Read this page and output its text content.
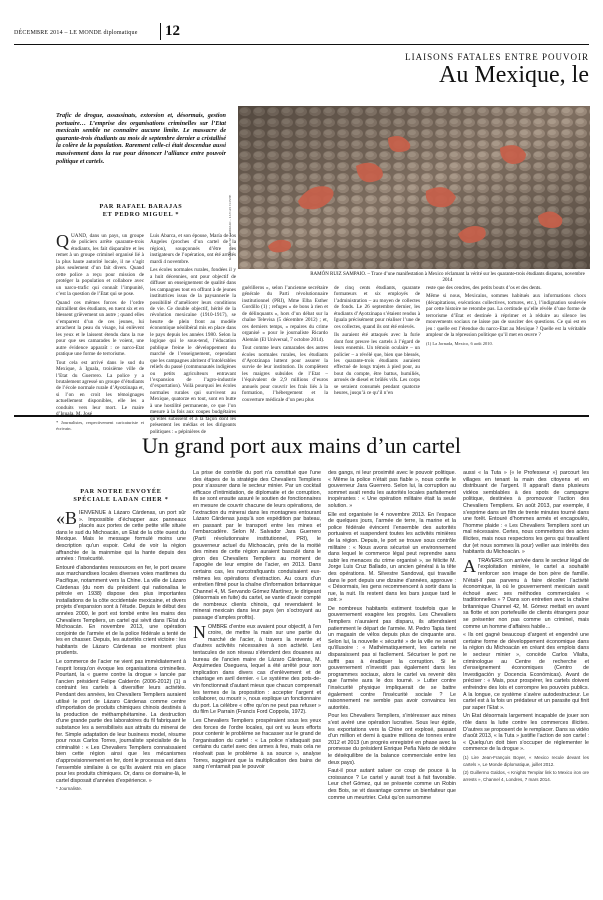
DÉCEMBRE 2014 – LE MONDE diplomatique	12
LIAISONS FATALES ENTRE POUVOIR
Au Mexique, le
Trafic de drogue, assassinats, extorsion et, désormais, gestion portuaire… L’emprise des organisations criminelles sur l’Etat mexicain semble ne connaître aucune limite. Le massacre de quarante-trois étudiants au mois de septembre dernier a cristallisé la colère de la population. Rarement celle-ci était descendue aussi massivement dans la rue pour dénoncer l’alliance entre pouvoir politique et cartels.
PAR RAFAEL BARAJAS
ET PEDRO MIGUEL *	RAMON RUIZ SAMPAIO – LUCAS COSTE
RAMÓN RUIZ SAMPAIO. – Trace d’une manifestation à Mexico réclamant la vérité sur les quarante-trois étudiants disparus, novembre 2014

QUAND, dans un pays, un groupe de policiers arrête quarante-trois étudiants, les fait disparaître et les remet à un groupe criminel organisé lié à la plus haute autorité locale, il ne s’agit plus seulement d’un fait divers. Quand cette police a reçu pour mission de protéger la population et collabore avec un narco-trafic qui connaît l’impunité, c’est la question de l’Etat qui se pose.

Quand ces mêmes forces de l’ordre mitraillent des étudiants, en tuent six et en blessent grièvement un autre ; quand elles s’emparent d’un de ces jeunes, lui arrachent la peau du visage, lui enlèvent les yeux et le laissent étendu dans la rue pour que ses camarades le voient, une autre évidence apparaît : ce narco-Etat pratique une forme de terrorisme.

Tout cela est arrivé dans le sud du Mexique, à Iguala, troisième ville de l’Etat du Guerrero. La police y a brutalement agressé un groupe d’étudiants de l’école normale rurale d’Ayotzinapa et, si l’on en croit les témoignages actuellement disponibles, elle les a conduits vers leur mort. Le maire d’Iguala, M. José

* Journalistes, respectivement caricaturiste et écrivain.

Luis Abarca, et son épouse, María de los Angeles (proches d’un cartel de la région), soupçonnés d’être les instigateurs de l’opération, ont été arrêtés mardi 4 novembre.

Les écoles normales rurales, fondées il y a huit décennies, ont pour objectif de diffuser un enseignement de qualité dans les campagnes tout en offrant à de jeunes institutrices issus de la paysannerie la possibilité d’améliorer leurs conditions de vie. Ce double objectif, hérité de la révolution mexicaine (1910-1917), se heurte de plein front au modèle économique néolibéral mis en place dans le pays depuis les années 1980. Selon la logique qui le sous-tend, l’éducation publique freine le développement du marché de l’enseignement, cependant que les campagnes abritent d’intolérables reliefs du passé (communautés indigènes ou petits agriculteurs entravant l’expansion de l’agro-industrie d’exportation). Voilà pourquoi les écoles normales rurales qui survivent au Mexique, quatorze en tout, sont en butte à une hostilité permanente, ce que l’on mesure à la fois aux coupes budgétaires qu’elles subissent et à la façon dont les présentent les médias et les dirigeants politiques : « pépinières de

guérilleros », selon l’ancienne secrétaire générale du Parti révolutionnaire institutionnel (PRI), Mme Elba Esther Gordillo (1) ; refuges « de bons à rien et de délinquants », hors d’un débat sur la chaîne Televisa (5 décembre 2012) ; et, ces derniers temps, « repaires du crime organisé » pour le journaliste Ricardo Alemán (El Universal, 7 octobre 2014).

Tout comme leurs camarades des autres écoles normales rurales, les étudiants d’Ayotzinapa luttent pour assurer la survie de leur institution. Ils complètent les maigres subsides de l’Etat – l’équivalent de 2,9 millions d’euros annuels pour couvrir les frais liés à la formation, l’hébergement et la couverture médicale d’un peu plus

de cinq cents étudiants, quarante formateurs et six employés de l’administration – au moyen de collectes de fonds. Le 26 septembre dernier, les étudiants d’Ayotzinapa s’étaient rendus à Iguala précisément pour réaliser l’une de ces collectes, quand ils ont été enlevés.

Ils auraient été attaqués avec la furie dont font preuve les cartels à l’égard de leurs ennemis. Un témoin oculaire – un policier – a révélé que, bien que blessés, les quarante-trois étudiants auraient effectué de longs trajets à pied pour, au bout du compte, être battus, humiliés, arrosés de diesel et brûlés vifs. Les corps se seraient consumés pendant quatorze heures, jusqu’à ce qu’il n’en

reste que des cendres, des petits bouts d’os et des dents.

Même si nous, Mexicains, sommes habitués aux informations chocs (décapitations, exécutions collectives, tortures, etc.), l’indignation soulevée par cette histoire ne retombe pas. La certitude qu’elle révèle d’une forme de terrorisme d’Etat et destinée à réprimer et à réduire au silence les mouvements sociaux ne laisse pas de susciter des questions. Ce qui est en jeu : quelle est l’étendue du narco-Etat au Mexique ? Quelle est la véritable ampleur de la répression politique qu’il met en œuvre ?

(1) La Jornada, Mexico, 6 août 2010.

Un grand port aux mains d’un cartel
PAR NOTRE ENVOYÉE
SPÉCIALE LADAN CHER *

«BIENVENUE à Lázaro Cárdenas, un port sûr ». Impossible d’échapper aux panneaux placés aux portes de cette petite ville située dans le sud du Michoacán, un Etat de la côte ouest du Mexique. Mais le message formulé moins une description qu’un espoir. Celui de voir la région affranchie de la mainmise qui la hante depuis des années : l’insécurité.

Entouré d’abondantes ressources en fer, le port œuvre aux marchandises locales diverses voies maritimes du Pacifique, notamment vers la Chine. La ville de Lázaro Cárdenas (du nom du président qui nationalisa le pétrole en 1938) dispose des plus importantes installations de la côte occidentale mexicaine, et divers projets d’expansion sont à l’étude. Depuis le début des années 2000, le port est tombé entre les mains des Chevaliers Templiers, un cartel qui sévit dans l’Etat du Michoacán. En novembre 2013, une opération conjointe de l’armée et de la police fédérale a tenté de les en chasser. Depuis, les autorités crient victoire : les habitants de Lázaro Cárdenas se montrent plus prudents.

Le commerce de l’acier ne vient pas immédiatement à l’esprit lorsqu’on évoque les organisations criminelles. Pourtant, la « guerre contre la drogue » lancée par l’ancien président Felipe Calderón (2006-2012) (1) a contraint les cartels à diversifier leurs activités. Pendant des années, les Chevaliers Templiers auraient utilisé le port de Lázaro Cárdenas comme centre d’importation de produits chimiques chinois destinés à la production de méthamphétamine. La destruction d’une grande partie des laboratoires du fil fabriquant le substance les a sensibilisés aux attraits du minerai de fer. Simple adaptation de leur business model, résume pour nous Carlos Torres, journaliste spécialiste de la criminalité : « Les Chevaliers Templiers connaissaient bien cette région ainsi que les mécanismes d’approvisionnement en fer, dont le processus est dans l’ensemble similaire à ce qu’ils avaient mis en place pour les produits chimiques. Or, dans ce domaine-là, le cartel disposait d’années d’expérience. »

* Journaliste.

La prise de contrôle du port n’a constitué que l’une des étapes de la stratégie des Chevaliers Templiers pour s’assurer dans le secteur minier. Par un cocktail efficace d’intimidation, de diplomatie et de corruption, ils se sont ensuite assuré le soutien de fonctionnaires en mesure de couvrir chacune de leurs opérations, de l’extraction du minerai dans les montagnes entourant Lázaro Cárdenas jusqu’à son expédition par bateau, en passant par le transport entre les mines et l’embarcadère. Selon M. Salvador Jara Guerrero (Parti révolutionnaire institutionnel, PRI), le gouverneur actuel du Michoacán, près de la moitié des mines de cette région auraient basculé dans le giron des Chevaliers Templiers au moment de l’apogée de leur empire de l’acier, en 2013. Dans certains cas, les narcotrafiquants conduisaient eux-mêmes les opérations d’extraction. Au cours d’un entretien filmé pour la chaîne d’information britannique Channel 4, M. Servando Gómez Martínez, le dirigeant (désormais en fuite) du cartel, se vante d’avoir compté de nombreux clients chinois, qui revendaient le minerai mexicain dans leur pays (en s’octroyant au passage d’amples profits).

NOMBRE d’entre eux avaient pour objectif, à l’en croire, de mettre la main sur une partie du marché de l’acier, à travers la revente et d’autres activités nécessaires à son activité. Les tentacules de son réseau s’étendent des douanes au bureau de l’ancien maire de Lázaro Cárdenas, M. Arquimedes Oseguera, lequel a été arrêté pour son implication dans divers cas d’enlèvement et de chantage en avril dernier. « Le système des pots-de-vin fonctionnait d’autant mieux que chacun comprenait les termes de la proposition : accepter l’argent et collaborer, ou mourir », nous explique un fonctionnaire du port. La célèbre « offre qu’on ne peut pas refuser » du film Le Parrain (Francis Ford Coppola, 1972).

Les Chevaliers Templiers prospéraient sous les yeux des forces de l’ordre locales, qui ont vu leurs efforts pour contenir le problème se fracasser sur le grand de l’organisation du cartel : « La police n’attaquait pas certains du cartel avec des armes à feu, mais cela ne résolvait pas le problème à sa source », analyse Torres, suggérant que la multiplication des bains de sang n’entamait pas le pouvoir

des gangs, ni leur proximité avec le pouvoir politique. « Même la police n’était pas fiable », nous confie le gouverneur Jara Guerrero. Selon lui, la corruption au sommet avait rendu les autorités locales parfaitement inopérantes : « Une opération militaire était la seule solution. »

Elle est organisée le 4 novembre 2013. En l’espace de quelques jours, l’armée de terre, la marine et la police fédérale évincent l’ensemble des autorités portuaires et suspendent toutes les activités minières de la région. Depuis, le port se trouve sous contrôle militaire : « Nous avons sécurisé un environnement dans lequel le commerce légal peut reprendre sans subir les menaces du crime organisé », se félicite M. Jorge Luis Cruz Ballado, un ancien général à la tête des opérations. M. Silvestre Sandoval, qui travaille dans le port depuis une dizaine d’années, approuve : « Désormais, les gens recommencent à sortir dans la rue, la nuit. Ils restent dans les bars jusque tard le soir. »

De nombreux habitants estiment toutefois que le gouvernement exagère les progrès. Les Chevaliers Templiers n’auraient pas disparu, ils attendraient patiemment le départ de l’armée. M. Pedro Tapia tient un magasin de vélos depuis plus de cinquante ans. Selon lui, la nouvelle « sécurité » de la ville ne serait qu’illusoire : « Mathématiquement, les cartels ne disparaissent pas si facilement. Sécuriser le port ne suffit pas à éradiquer la corruption. Si le gouvernement n’investit pas également dans les programmes sociaux, alors le cartel va revenir dès que l’armée aura le dos tourné. » Lutter contre l’insécurité physique impliquerait de se battre également contre l’insécurité sociale ? Le raisonnement ne semble pas avoir convaincu les autorités.

Pour les Chevaliers Templiers, s’intéresser aux mines s’est avéré une opération lucrative. Sous leur égide, les exportations vers la Chine ont explosé, passant d’un million et demi à quatre millions de tonnes entre 2012 et 2013 (un progrès enregistré en phase avec la promesse du président Enrique Peña Nieto de réduire le déséquilibre de la balance commerciale entre les deux pays).

Faut-il pour autant saluer ce coup de pouce à la croissance ? Le cartel y aurait tout à fait favorable. Leur chef Gómez, qui se présente comme un Robin des Bois, se vit davantage comme un bienfaiteur que comme un meurtrier. Celui qu’on surnomme

aussi « la Tuta » (« le Professeur ») parcourt les villages en tenant la main des citoyens et en distribuant de l’argent. Il apparaît dans plusieurs vidéos semblables à des spots de campagne politique, destinées à promouvoir l’action des Chevaliers Templiers. En août 2013, par exemple, il s’exprime dans un film de trente minutes tourné dans une forêt. Entouré d’hommes armés et encagoulés, l’homme plaide : « Les Chevaliers Templiers sont un mal nécessaire. Certes, nous commettons des actes illicites, mais nous respectons les gens qui travaillent dur (et nous sommes là pour) veiller aux intérêts des habitants du Michoacán. »

ATRAVERS son arrivée dans le secteur légal de l’exploitation minière, le cartel a souhaité renforcer son image de bon père de famille. N’était-il pas parvenu à faire décoller l’activité économique, là où le gouvernement mexicain avait échoué avec ses méthodes commerciales « traditionnelles » ? Dans son entretien avec la chaîne britannique Channel 42, M. Gómez mettait en avant sa flotte et son portefeuille de clients étrangers pour se présenter non pas comme un criminel, mais comme un homme d’affaires habile…

« Ils ont gagné beaucoup d’argent et engendré une certaine forme de développement économique dans la région du Michoacán en créant des emplois dans le secteur minier », concède Carlos Vilalta, criminologue au Centre de recherche et d’enseignement économiques (Centro de Investigación y Docencia Económicas). Avant de préciser : « Mais, pour prospérer, les cartels doivent enfreindre des lois et corrompre les pouvoirs publics. A la longue, ce système s’avère autodestructeur. Le cartel est à la fois un prédateur et un parasite qui finit par saper l’Etat ».

Un Etat désormais largement incapable de jouer son rôle dans la lutte contre les commerces illicites. D’autres se proposent de le remplacer. Dans sa vidéo d’août 2013, « la Tuta » justifie l’action de son cartel : « Quelqu’un doit bien s’occuper de réglementer le commerce de la drogue ».

(1) Lire Jean-François Boyer, « Mexico recule devant les cartels », Le Monde diplomatique, juillet 2012.

(2) Guillermo Galdos, « Knights Templar link to Mexico iron ore arrests », Channel 4, Londres, 7 mars 2014.
